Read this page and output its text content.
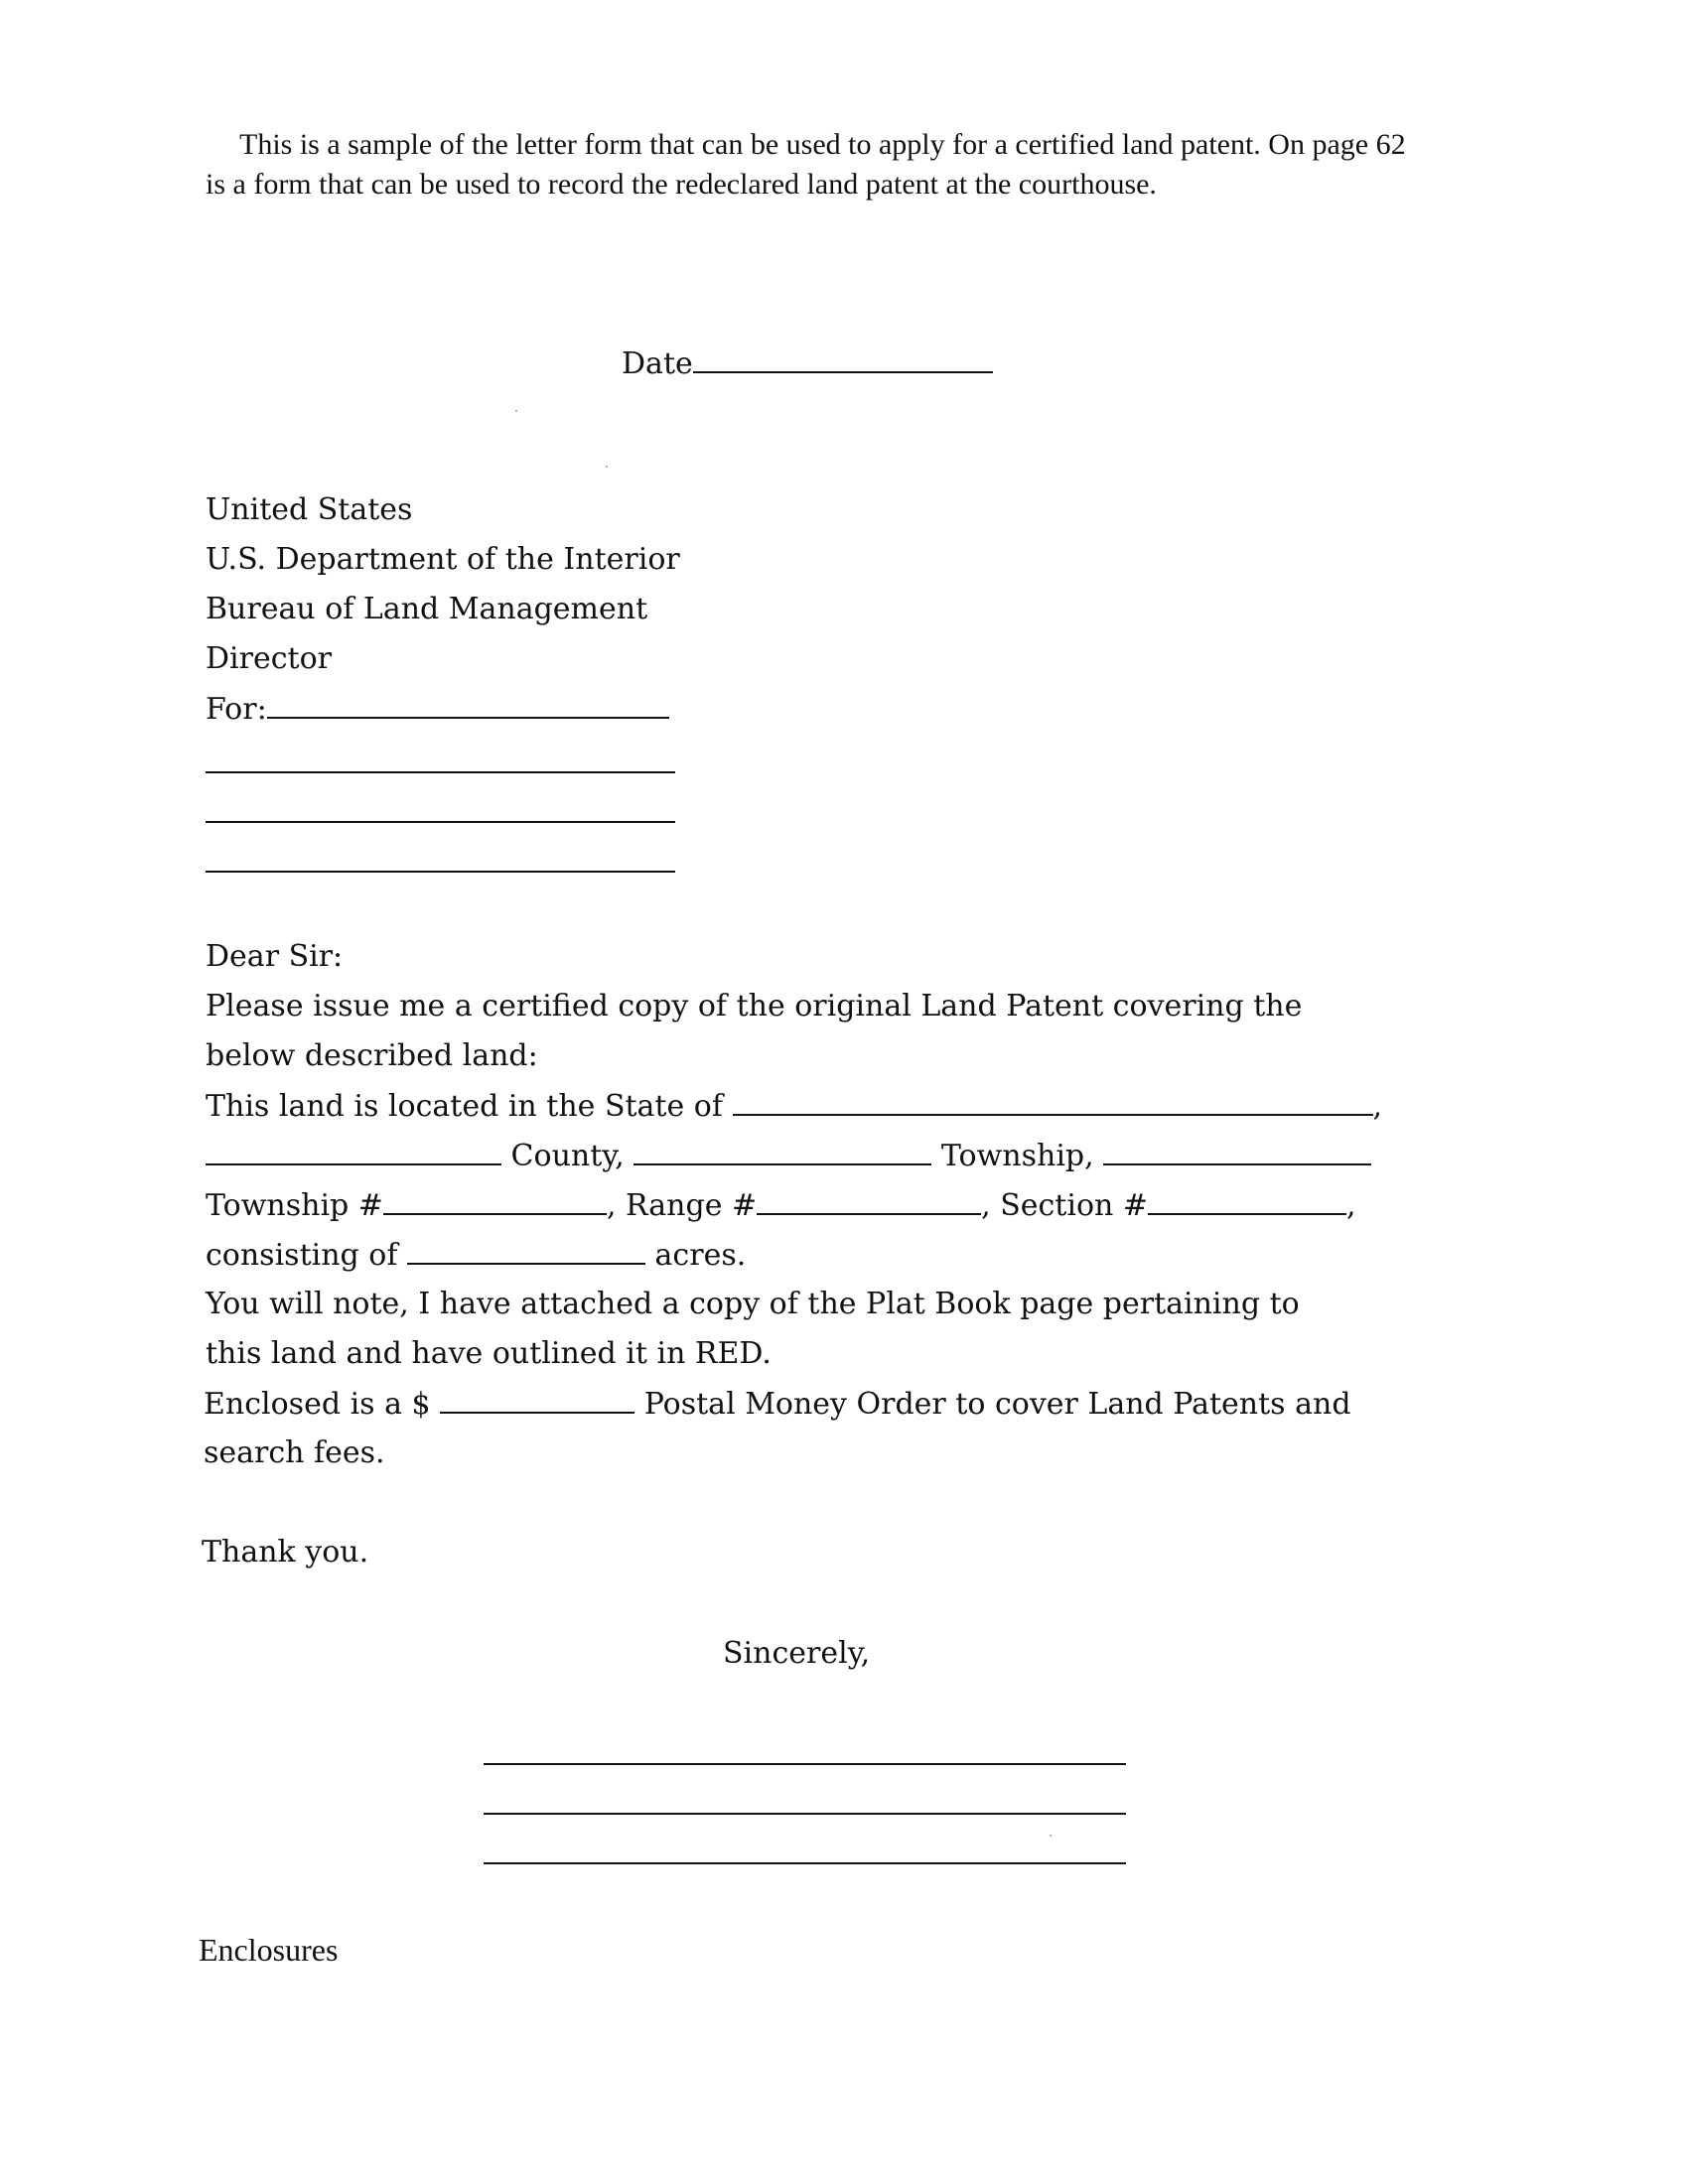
This is a sample of the letter form that can be used to apply for a certified land patent. On page 62 is a form that can be used to record the redeclared land patent at the courthouse.

Date
United States
U.S. Department of the Interior
Bureau of Land Management
Director
For:
Dear Sir:
Please issue me a certified copy of the original Land Patent covering the
below described land:
This land is located in the State of	,
County,	Township,
Township #	, Range #	, Section #	,
consisting of	acres.
You will note, I have attached a copy of the Plat Book page pertaining to
this land and have outlined it in RED.
Enclosed is a $	Postal Money Order to cover Land Patents and
search fees.
Thank you.
Sincerely,
Enclosures
